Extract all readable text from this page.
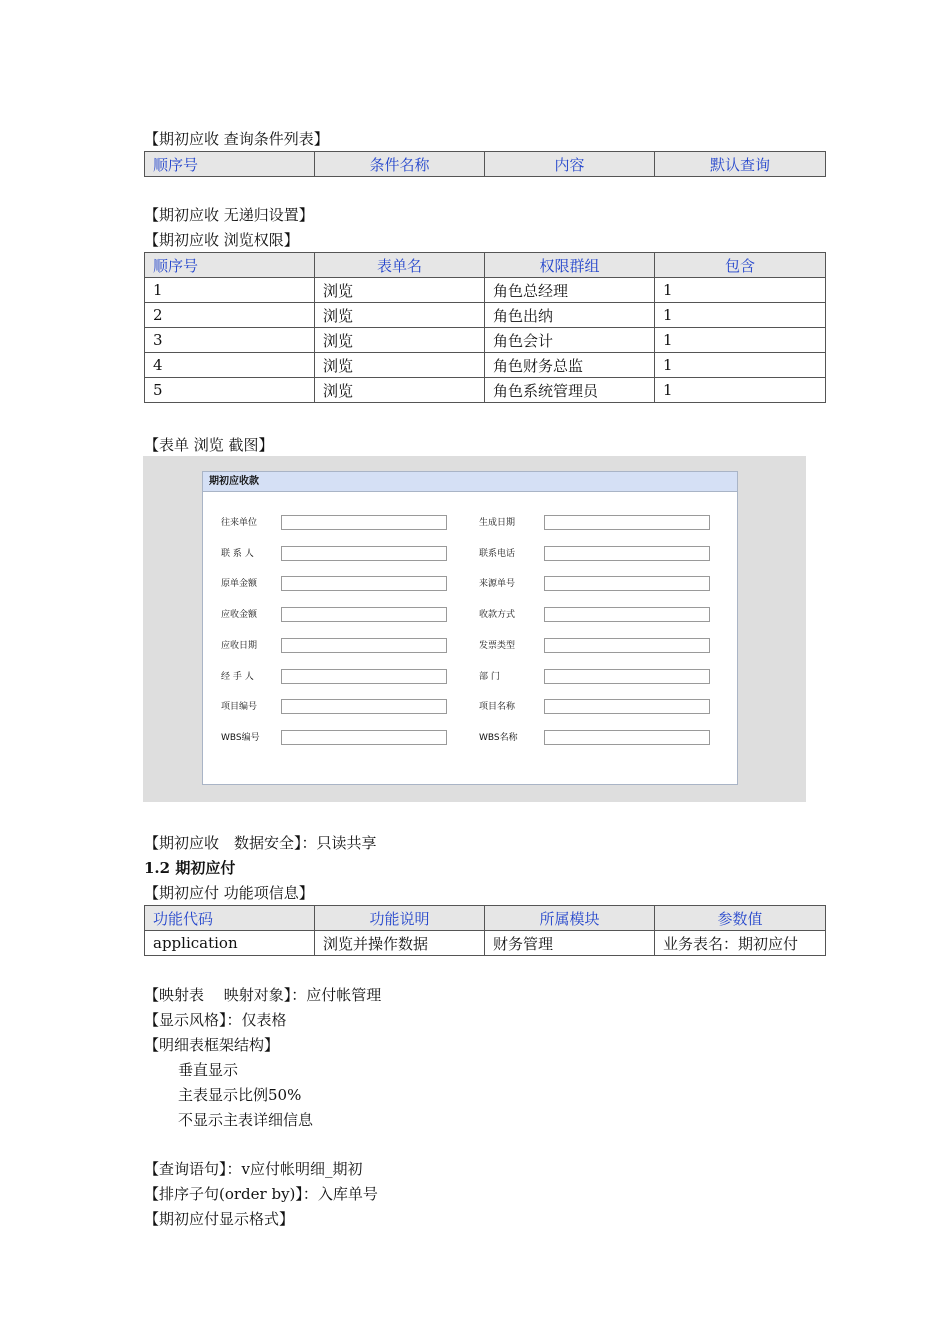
【期初应收 查询条件列表】
顺序号	条件名称	内容	默认查询
【期初应收 无递归设置】
【期初应收 浏览权限】
顺序号	表单名	权限群组	包含
1	浏览	角色总经理	1
2	浏览	角色出纳	1
3	浏览	角色会计	1
4	浏览	角色财务总监	1
5	浏览	角色系统管理员	1
【表单 浏览 截图】
期初应收款
往来单位	生成日期
联 系 人	联系电话
原单金额	来源单号
应收金额	收款方式
应收日期	发票类型
经 手 人	部 门
项目编号	项目名称
WBS编号	WBS名称
【期初应收　数据安全】：只读共享
1.2 期初应付
【期初应付 功能项信息】
功能代码	功能说明	所属模块	参数值
application	浏览并操作数据	财务管理	业务表名：期初应付
【映射表　 映射对象】：应付帐管理
【显示风格】：仅表格
【明细表框架结构】
垂直显示
主表显示比例50%
不显示主表详细信息
【查询语句】：v应付帐明细_期初
【排序子句(order by)】：入库单号
【期初应付显示格式】
